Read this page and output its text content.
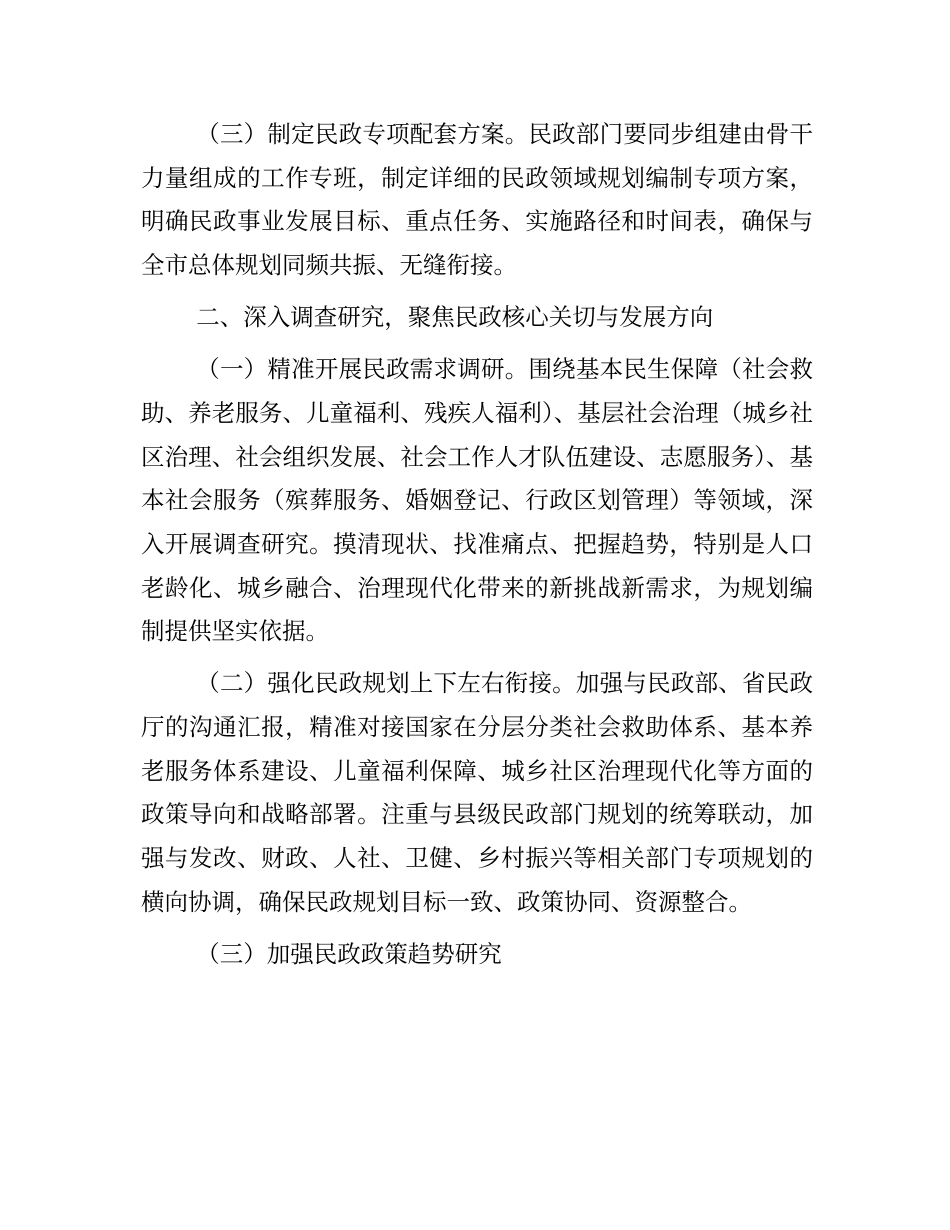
（三）制定民政专项配套方案。民政部门要同步组建由骨干力量组成的工作专班，制定详细的民政领域规划编制专项方案，明确民政事业发展目标、重点任务、实施路径和时间表，确保与全市总体规划同频共振、无缝衔接。

二、深入调查研究，聚焦民政核心关切与发展方向

（一）精准开展民政需求调研。围绕基本民生保障（社会救助、养老服务、儿童福利、残疾人福利）、基层社会治理（城乡社区治理、社会组织发展、社会工作人才队伍建设、志愿服务）、基本社会服务（殡葬服务、婚姻登记、行政区划管理）等领域，深入开展调查研究。摸清现状、找准痛点、把握趋势，特别是人口老龄化、城乡融合、治理现代化带来的新挑战新需求，为规划编制提供坚实依据。

（二）强化民政规划上下左右衔接。加强与民政部、省民政厅的沟通汇报，精准对接国家在分层分类社会救助体系、基本养老服务体系建设、儿童福利保障、城乡社区治理现代化等方面的政策导向和战略部署。注重与县级民政部门规划的统筹联动，加强与发改、财政、人社、卫健、乡村振兴等相关部门专项规划的横向协调，确保民政规划目标一致、政策协同、资源整合。

（三）加强民政政策趋势研究
